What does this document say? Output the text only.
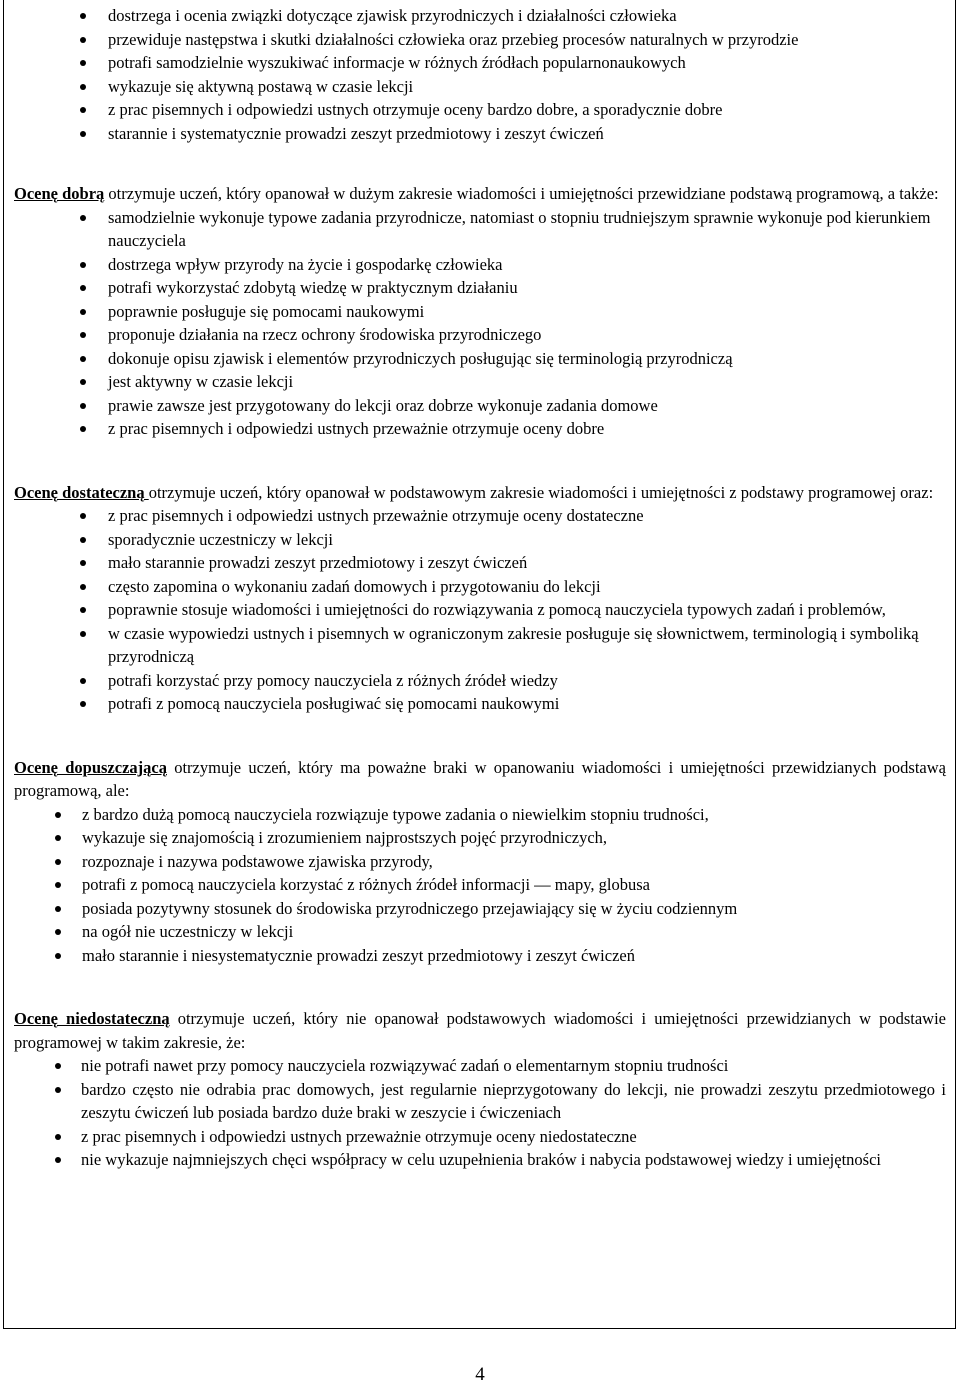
dostrzega i ocenia związki dotyczące zjawisk przyrodniczych i działalności człowieka
przewiduje następstwa i skutki działalności człowieka oraz przebieg procesów naturalnych w przyrodzie
potrafi samodzielnie wyszukiwać informacje w różnych źródłach popularnonaukowych
wykazuje się aktywną postawą w czasie lekcji
z prac pisemnych i odpowiedzi ustnych otrzymuje oceny bardzo dobre, a sporadycznie dobre
starannie i systematycznie prowadzi zeszyt przedmiotowy i zeszyt ćwiczeń

Ocenę dobrą otrzymuje uczeń, który opanował w dużym zakresie wiadomości i umiejętności przewidziane podstawą programową, a także:

samodzielnie wykonuje typowe zadania przyrodnicze, natomiast o stopniu trudniejszym sprawnie wykonuje pod kierunkiem nauczyciela
dostrzega wpływ przyrody na życie i gospodarkę człowieka
potrafi wykorzystać zdobytą wiedzę w praktycznym działaniu
poprawnie posługuje się pomocami naukowymi
proponuje działania na rzecz ochrony środowiska przyrodniczego
dokonuje opisu zjawisk i elementów przyrodniczych posługując się terminologią przyrodniczą
jest aktywny w czasie lekcji
prawie zawsze jest przygotowany do lekcji oraz dobrze wykonuje zadania domowe
z prac pisemnych i odpowiedzi ustnych przeważnie otrzymuje oceny dobre

Ocenę dostateczną otrzymuje uczeń, który opanował w podstawowym zakresie wiadomości i umiejętności z podstawy programowej oraz:

z prac pisemnych i odpowiedzi ustnych przeważnie otrzymuje oceny dostateczne
sporadycznie uczestniczy w lekcji
mało starannie prowadzi zeszyt przedmiotowy i zeszyt ćwiczeń
często zapomina o wykonaniu zadań domowych i przygotowaniu do lekcji
poprawnie stosuje wiadomości i umiejętności do rozwiązywania z pomocą nauczyciela typowych zadań i problemów,
w czasie wypowiedzi ustnych i pisemnych w ograniczonym zakresie posługuje się słownictwem, terminologią i symboliką przyrodniczą
potrafi korzystać przy pomocy nauczyciela z różnych źródeł wiedzy
potrafi z pomocą nauczyciela posługiwać się pomocami naukowymi

Ocenę dopuszczającą otrzymuje uczeń, który ma poważne braki w opanowaniu wiadomości i umiejętności przewidzianych podstawą programową, ale:

z bardzo dużą pomocą nauczyciela rozwiązuje typowe zadania o niewielkim stopniu trudności,
wykazuje się znajomością i zrozumieniem najprostszych pojęć przyrodniczych,
rozpoznaje i nazywa podstawowe zjawiska przyrody,
potrafi z pomocą nauczyciela korzystać z różnych źródeł informacji — mapy, globusa
posiada pozytywny stosunek do środowiska przyrodniczego przejawiający się w życiu codziennym
na ogół nie uczestniczy w lekcji
mało starannie i niesystematycznie prowadzi zeszyt przedmiotowy i zeszyt ćwiczeń

Ocenę niedostateczną otrzymuje uczeń, który nie opanował podstawowych wiadomości i umiejętności przewidzianych w podstawie programowej w takim zakresie, że:

nie potrafi nawet przy pomocy nauczyciela rozwiązywać zadań o elementarnym stopniu trudności
bardzo często nie odrabia prac domowych, jest regularnie nieprzygotowany do lekcji, nie prowadzi zeszytu przedmiotowego i zeszytu ćwiczeń lub posiada bardzo duże braki w zeszycie i ćwiczeniach
z prac pisemnych i odpowiedzi ustnych przeważnie otrzymuje oceny niedostateczne
nie wykazuje najmniejszych chęci współpracy w celu uzupełnienia braków i nabycia podstawowej wiedzy i umiejętności
4
